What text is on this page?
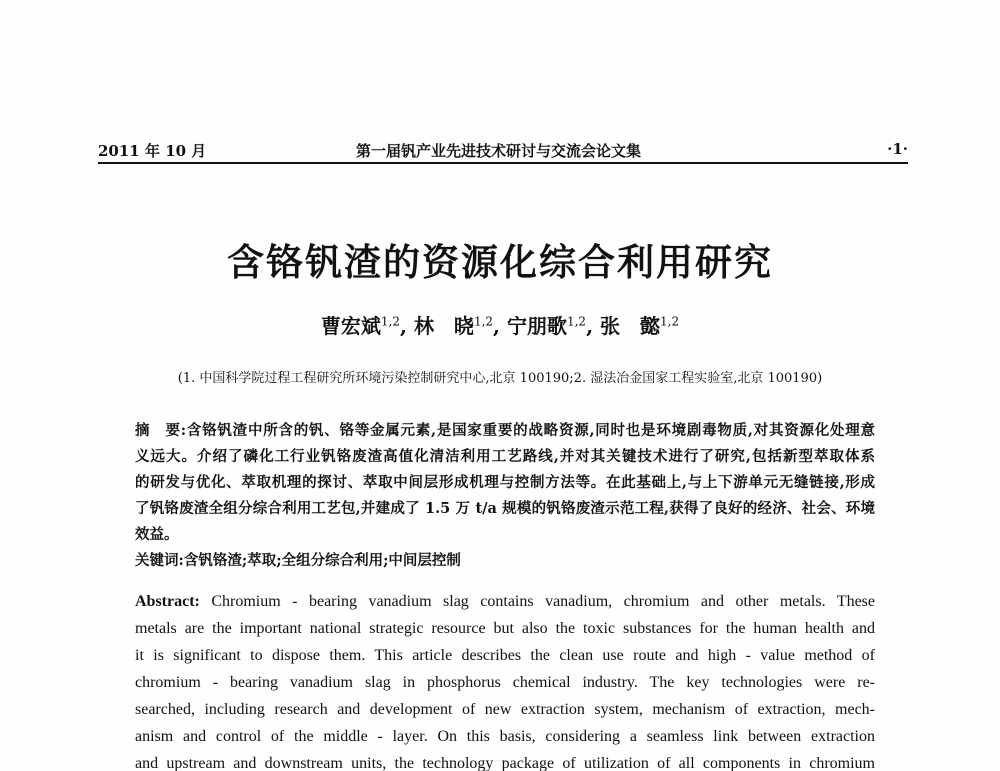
2011 年 10 月	第一届钒产业先进技术研讨与交流会论文集	·1·
含铬钒渣的资源化综合利用研究
曹宏斌$^{1,2}$, 林　晓$^{1,2}$, 宁朋歌$^{1,2}$, 张　懿$^{1,2}$
(1. 中国科学院过程工程研究所环境污染控制研究中心,北京 100190;2. 湿法冶金国家工程实验室,北京 100190)
摘　要:含铬钒渣中所含的钒、铬等金属元素,是国家重要的战略资源,同时也是环境剧毒物质,对其资源化处理意
义远大。介绍了磷化工行业钒铬废渣高值化清洁利用工艺路线,并对其关键技术进行了研究,包括新型萃取体系
的研发与优化、萃取机理的探讨、萃取中间层形成机理与控制方法等。在此基础上,与上下游单元无缝链接,形成
了钒铬废渣全组分综合利用工艺包,并建成了 1.5 万 t/a 规模的钒铬废渣示范工程,获得了良好的经济、社会、环境
效益。
关键词:含钒铬渣;萃取;全组分综合利用;中间层控制
Abstract: Chromium - bearing vanadium slag contains vanadium, chromium and other metals. These
metals are the important national strategic resource but also the toxic substances for the human health and
it is significant to dispose them. This article describes the clean use route and high - value method of
chromium - bearing vanadium slag in phosphorus chemical industry. The key technologies were re-
searched, including research and development of new extraction system, mechanism of extraction, mech-
anism and control of the middle - layer. On this basis, considering a seamless link between extraction
and upstream and downstream units, the technology package of utilization of all components in chromium
